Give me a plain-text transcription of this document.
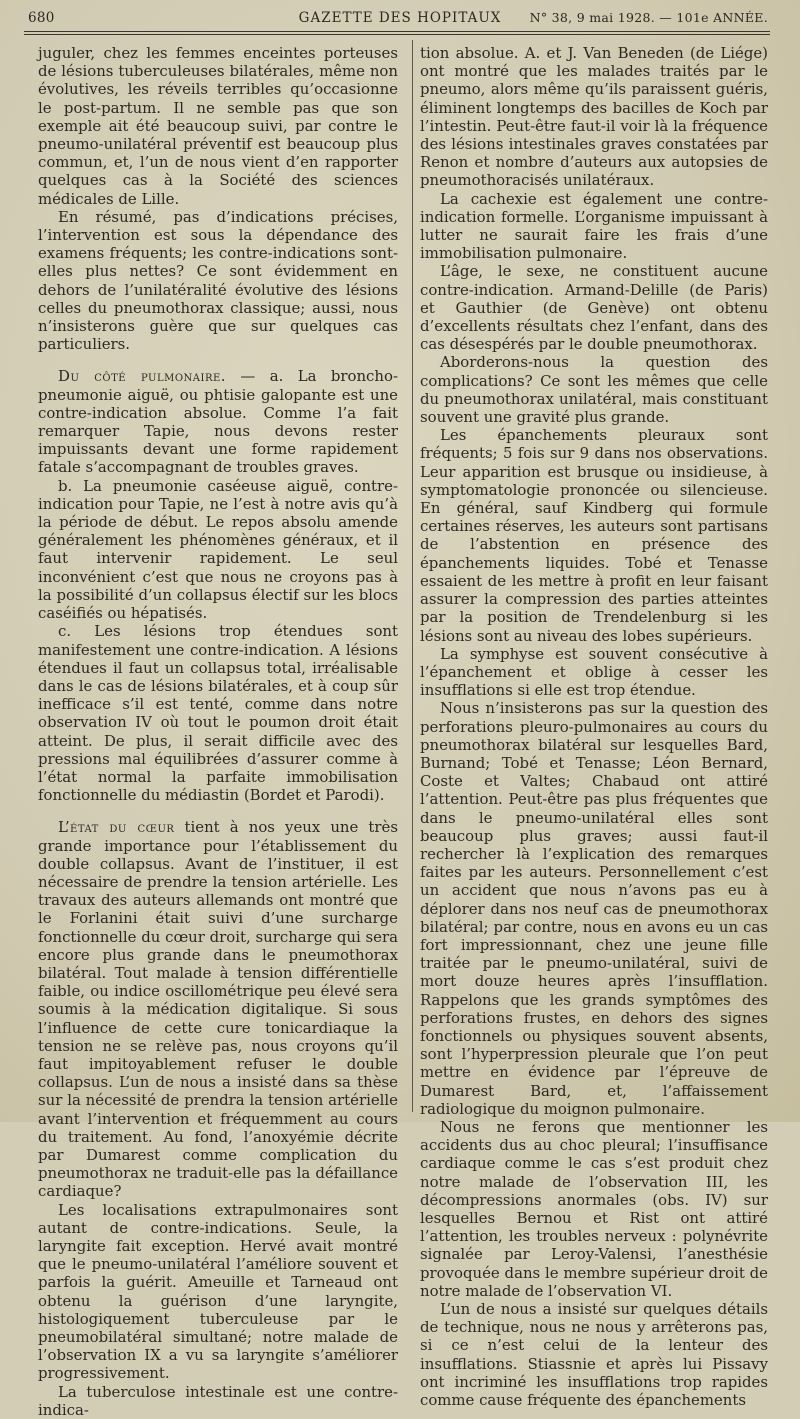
680	GAZETTE DES HOPITAUX	N° 38, 9 mai 1928. — 101e ANNÉE.

juguler, chez les femmes enceintes porteuses de lésions tuberculeuses bilatérales, même non évolutives, les réveils terribles qu’occasionne le post-partum. Il ne semble pas que son exemple ait été beaucoup suivi, par contre le pneumo-unilatéral préventif est beaucoup plus commun, et, l’un de nous vient d’en rapporter quelques cas à la Société des sciences médicales de Lille.

En résumé, pas d’indications précises, l’intervention est sous la dépendance des examens fréquents; les contre-indications sont-elles plus nettes? Ce sont évidemment en dehors de l’unilatéralité évolutive des lésions celles du pneumothorax classique; aussi, nous n’insisterons guère que sur quelques cas particuliers.

Du côté pulmonaire. — a. La broncho-pneumonie aiguë, ou phtisie galopante est une contre-indication absolue. Comme l’a fait remarquer Tapie, nous devons rester impuissants devant une forme rapidement fatale s’accompagnant de troubles graves.

b. La pneumonie caséeuse aiguë, contre-indication pour Tapie, ne l’est à notre avis qu’à la période de début. Le repos absolu amende généralement les phénomènes généraux, et il faut intervenir rapidement. Le seul inconvénient c’est que nous ne croyons pas à la possibilité d’un collapsus électif sur les blocs caséifiés ou hépatisés.

c. Les lésions trop étendues sont manifestement une contre-indication. A lésions étendues il faut un collapsus total, irréalisable dans le cas de lésions bilatérales, et à coup sûr inefficace s’il est tenté, comme dans notre observation IV où tout le poumon droit était atteint. De plus, il serait difficile avec des pressions mal équilibrées d’assurer comme à l’état normal la parfaite immobilisation fonctionnelle du médiastin (Bordet et Parodi).

L’état du cœur tient à nos yeux une très grande importance pour l’établissement du double collapsus. Avant de l’instituer, il est nécessaire de prendre la tension artérielle. Les travaux des auteurs allemands ont montré que le Forlanini était suivi d’une surcharge fonctionnelle du cœur droit, surcharge qui sera encore plus grande dans le pneumothorax bilatéral. Tout malade à tension différentielle faible, ou indice oscillométrique peu élevé sera soumis à la médication digitalique. Si sous l’influence de cette cure tonicardiaque la tension ne se relève pas, nous croyons qu’il faut impitoyablement refuser le double collapsus. L’un de nous a insisté dans sa thèse sur la nécessité de prendra la tension artérielle avant l’intervention et fréquemment au cours du traitement. Au fond, l’anoxyémie décrite par Dumarest comme complication du pneumothorax ne traduit-elle pas la défaillance cardiaque?

Les localisations extrapulmonaires sont autant de contre-indications. Seule, la laryngite fait exception. Hervé avait montré que le pneumo-unilatéral l’améliore souvent et parfois la guérit. Ameuille et Tarneaud ont obtenu la guérison d’une laryngite, histologiquement tuberculeuse par le pneumobilatéral simultané; notre malade de l’observation IX a vu sa laryngite s’améliorer progressivement.

La tuberculose intestinale est une contre-indica-

tion absolue. A. et J. Van Beneden (de Liége) ont montré que les malades traités par le pneumo, alors même qu’ils paraissent guéris, éliminent longtemps des bacilles de Koch par l’intestin. Peut-être faut-il voir là la fréquence des lésions intestinales graves constatées par Renon et nombre d’auteurs aux autopsies de pneumothoracisés unilatéraux.

La cachexie est également une contre-indication formelle. L’organisme impuissant à lutter ne saurait faire les frais d’une immobilisation pulmonaire.

L’âge, le sexe, ne constituent aucune contre-indication. Armand-Delille (de Paris) et Gauthier (de Genève) ont obtenu d’excellents résultats chez l’enfant, dans des cas désespérés par le double pneumothorax.

Aborderons-nous la question des complications? Ce sont les mêmes que celle du pneumothorax unilatéral, mais constituant souvent une gravité plus grande.

Les épanchements pleuraux sont fréquents; 5 fois sur 9 dans nos observations. Leur apparition est brusque ou insidieuse, à symptomatologie prononcée ou silencieuse. En général, sauf Kindberg qui formule certaines réserves, les auteurs sont partisans de l’abstention en présence des épanchements liquides. Tobé et Tenasse essaient de les mettre à profit en leur faisant assurer la compression des parties atteintes par la position de Trendelenburg si les lésions sont au niveau des lobes supérieurs.

La symphyse est souvent consécutive à l’épanchement et oblige à cesser les insufflations si elle est trop étendue.

Nous n’insisterons pas sur la question des perforations pleuro-pulmonaires au cours du pneumothorax bilatéral sur lesquelles Bard, Burnand; Tobé et Tenasse; Léon Bernard, Coste et Valtes; Chabaud ont attiré l’attention. Peut-être pas plus fréquentes que dans le pneumo-unilatéral elles sont beaucoup plus graves; aussi faut-il rechercher là l’explication des remarques faites par les auteurs. Personnellement c’est un accident que nous n’avons pas eu à déplorer dans nos neuf cas de pneumothorax bilatéral; par contre, nous en avons eu un cas fort impressionnant, chez une jeune fille traitée par le pneumo-unilatéral, suivi de mort douze heures après l’insufflation. Rappelons que les grands symptômes des perforations frustes, en dehors des signes fonctionnels ou physiques souvent absents, sont l’hyperpression pleurale que l’on peut mettre en évidence par l’épreuve de Dumarest Bard, et, l’affaissement radiologique du moignon pulmonaire.

Nous ne ferons que mentionner les accidents dus au choc pleural; l’insuffisance cardiaque comme le cas s’est produit chez notre malade de l’observation III, les décompressions anormales (obs. IV) sur lesquelles Bernou et Rist ont attiré l’attention, les troubles nerveux : polynévrite signalée par Leroy-Valensi, l’anesthésie provoquée dans le membre supérieur droit de notre malade de l’observation VI.

L’un de nous a insisté sur quelques détails de technique, nous ne nous y arrêterons pas, si ce n’est celui de la lenteur des insufflations. Stiassnie et après lui Pissavy ont incriminé les insufflations trop rapides comme cause fréquente des épanchements
